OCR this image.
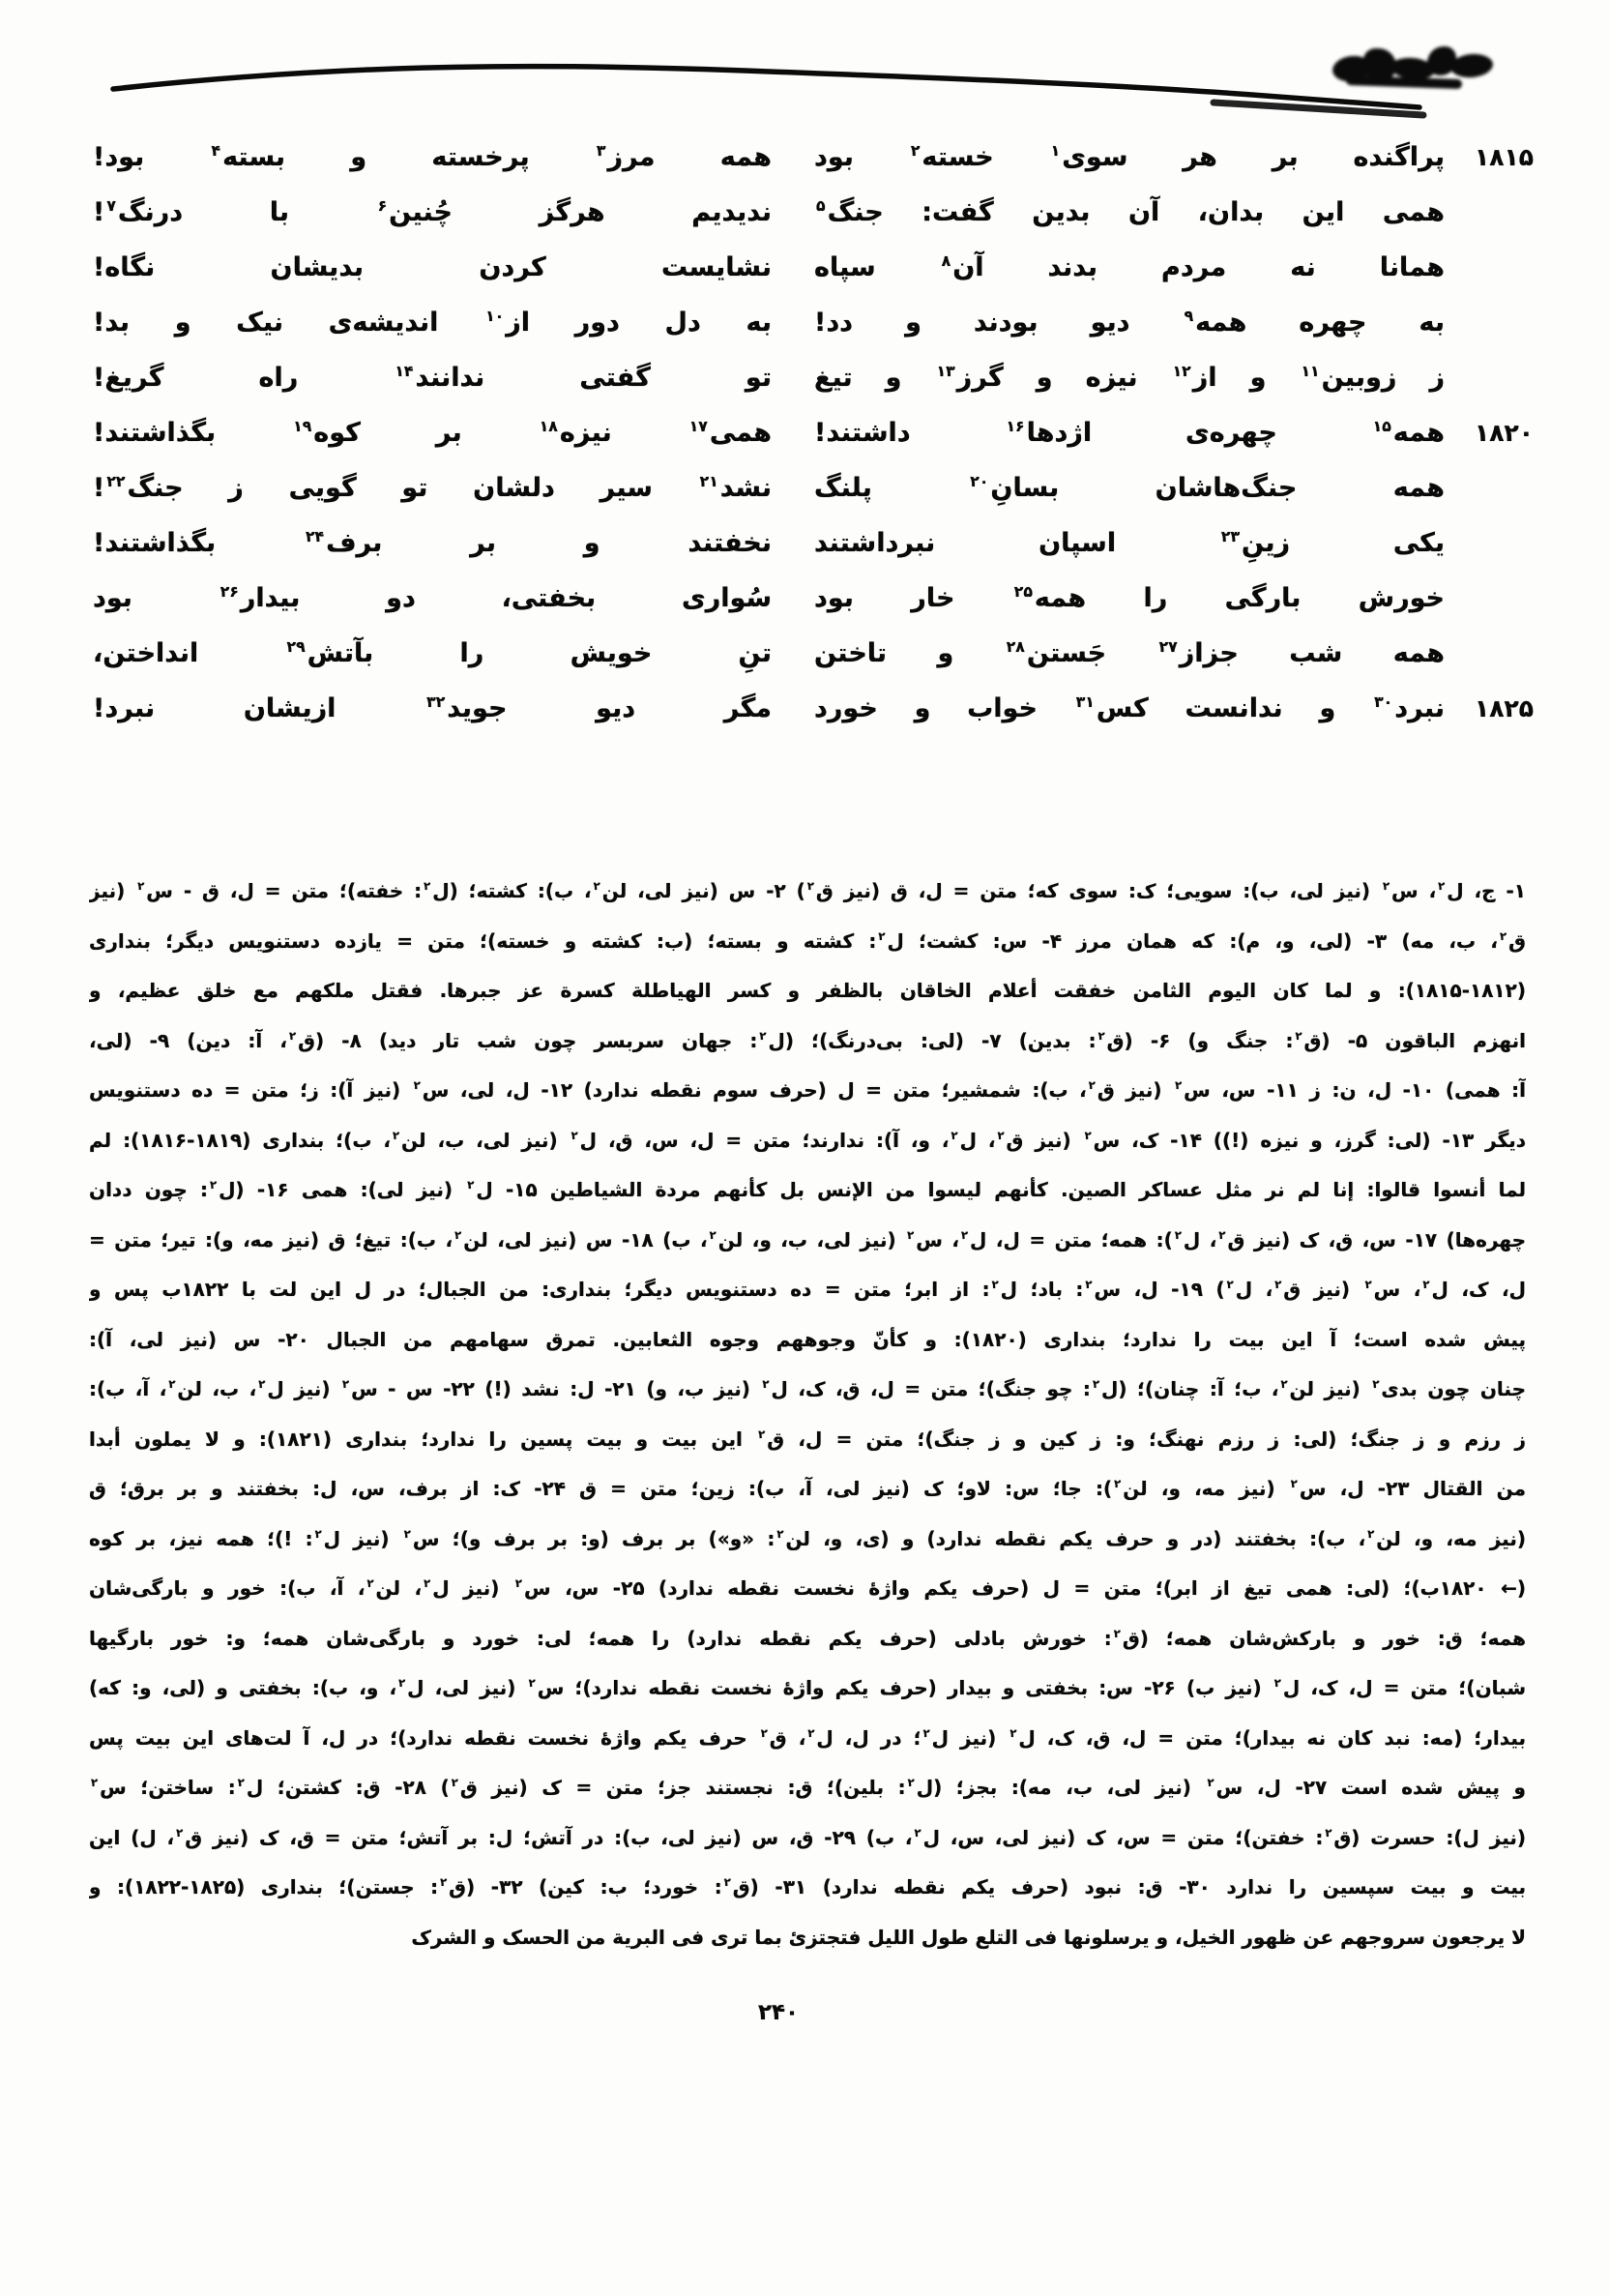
۱۸۱۵
پراگنده بر هر سوی$^۱$ خسته$^۲$ بود
همه مرز$^۳$ پرخسته و بسته$^۴$ بود!
همی این بدان، آن بدین گفت: جنگ$^۵$
ندیدیم هرگز چُنین$^۶$ با درنگ$^۷$!
همانا نه مردم بدند آن$^۸$ سپاه
نشایست کردن بدیشان نگاه!
به چهره همه$^۹$ دیو بودند و دد!
به دل دور از$^{۱۰}$ اندیشه‌ی نیک و بد!
ز زوبین$^{۱۱}$ و از$^{۱۲}$ نیزه و گرز$^{۱۳}$ و تیغ
تو گفتی ندانند$^{۱۴}$ راه گریغ!
۱۸۲۰
همه$^{۱۵}$ چهره‌ی اژدها$^{۱۶}$ داشتند!
همی$^{۱۷}$ نیزه$^{۱۸}$ بر کوه$^{۱۹}$ بگذاشتند!
همه جنگ‌هاشان بسانِ$^{۲۰}$ پلنگ
نشد$^{۲۱}$ سیر دلشان تو گویی ز جنگ$^{۲۲}$!
یکی زینِ$^{۲۳}$ اسپان نبرداشتند
نخفتند و بر برف$^{۲۴}$ بگذاشتند!
خورش بارگی را همه$^{۲۵}$ خار بود
سُواری بخفتی، دو بیدار$^{۲۶}$ بود
همه شب جزاز$^{۲۷}$ جَستن$^{۲۸}$ و تاختن
تنِ خویش را بآتش$^{۲۹}$ انداختن،
۱۸۲۵
نبرد$^{۳۰}$ و ندانست کس$^{۳۱}$ خواب و خورد
مگر دیو جوید$^{۳۲}$ ازیشان نبرد!
۱- ج، ل$^۲$، س$^۲$ (نیز لی، ب): سویی؛ ک: سوی که؛ متن = ل، ق (نیز ق$^۲$) ۲- س (نیز لی، لن$^۲$، ب): کشته؛ (ل$^۲$: خفته)؛ متن = ل، ق - س$^۲$ (نیز
ق$^۲$، ب، مه) ۳- (لی، و، م): که همان مرز ۴- س: کشت؛ ل$^۲$: کشته و بسته؛ (ب: کشته و خسته)؛ متن = یازده دستنویس دیگر؛ بنداری
(۱۸۱۵-۱۸۱۲): و لما کان الیوم الثامن خفقت أعلام الخاقان بالظفر و کسر الهیاطلة کسرة عز جبرها. فقتل ملکهم مع خلق عظیم، و
انهزم الباقون ۵- (ق$^۲$: جنگ و) ۶- (ق$^۲$: بدین) ۷- (لی: بی‌درنگ)؛ (ل$^۲$: جهان سربسر چون شب تار دید) ۸- (ق$^۲$، آ: دین) ۹- (لی،
آ: همی) ۱۰- ل، ن: ز ۱۱- س، س$^۲$ (نیز ق$^۲$، ب): شمشیر؛ متن = ل (حرف سوم نقطه ندارد) ۱۲- ل، لی، س$^۲$ (نیز آ): ز؛ متن = ده دستنویس
دیگر ۱۳- (لی: گرز، و نیزه (!)) ۱۴- ک، س$^۲$ (نیز ق$^۲$، ل$^۲$، و، آ): ندارند؛ متن = ل، س، ق، ل$^۲$ (نیز لی، ب، لن$^۲$، ب)؛ بنداری (۱۸۱۹-۱۸۱۶): لم
لما أنسوا قالوا: إنا لم نر مثل عساکر الصین. کأنهم لیسوا من الإنس بل کأنهم مردة الشیاطین ۱۵- ل$^۲$ (نیز لی): همی ۱۶- (ل$^۲$: چون ددان
چهره‌ها) ۱۷- س، ق، ک (نیز ق$^۲$، ل$^۲$): همه؛ متن = ل، ل$^۲$، س$^۲$ (نیز لی، ب، و، لن$^۲$، ب) ۱۸- س (نیز لی، لن$^۲$، ب): تیغ؛ ق (نیز مه، و): تیر؛ متن =
ل، ک، ل$^۲$، س$^۲$ (نیز ق$^۲$، ل$^۲$) ۱۹- ل، س$^۲$: باد؛ ل$^۲$: از ابر؛ متن = ده دستنویس دیگر؛ بنداری: من الجبال؛ در ل این لت با ۱۸۲۲ب پس و
پیش شده است؛ آ این بیت را ندارد؛ بنداری (۱۸۲۰): و کأنّ وجوههم وجوه الثعابین. تمرق سهامهم من الجبال ۲۰- س (نیز لی، آ):
چنان چون بدی$^۲$ (نیز لن$^۲$، ب؛ آ: چنان)؛ (ل$^۲$: چو جنگ)؛ متن = ل، ق، ک، ل$^۲$ (نیز ب، و) ۲۱- ل: نشد (!) ۲۲- س - س$^۲$ (نیز ل$^۲$، ب، لن$^۲$، آ، ب):
ز رزم و ز جنگ؛ (لی: ز رزم نهنگ؛ و: ز کین و ز جنگ)؛ متن = ل، ق$^۲$ این بیت و بیت پسین را ندارد؛ بنداری (۱۸۲۱): و لا یملون أبدا
من القتال ۲۳- ل، س$^۲$ (نیز مه، و، لن$^۲$): جا؛ س: لاو؛ ک (نیز لی، آ، ب): زین؛ متن = ق ۲۴- ک: از برف، س، ل: بخفتند و بر برق؛ ق
(نیز مه، و، لن$^۲$، ب): بخفتند (در و حرف یکم نقطه ندارد) و (ی، و، لن$^۲$: «و») بر برف (و: بر برف و)؛ س$^۲$ (نیز ل$^۲$: !)؛ همه نیز، بر کوه
(← ۱۸۲۰ب)؛ (لی: همی تیغ از ابر)؛ متن = ل (حرف یکم واژهٔ نخست نقطه ندارد) ۲۵- س، س$^۲$ (نیز ل$^۲$، لن$^۲$، آ، ب): خور و بارگی‌شان
همه؛ ق: خور و بارکش‌شان همه؛ (ق$^۲$: خورش بادلی (حرف یکم نقطه ندارد) را همه؛ لی: خورد و بارگی‌شان همه؛ و: خور بارگیها
شبان)؛ متن = ل، ک، ل$^۲$ (نیز ب) ۲۶- س: بخفتی و بیدار (حرف یکم واژهٔ نخست نقطه ندارد)؛ س$^۲$ (نیز لی، ل$^۲$، و، ب): بخفتی و (لی، و: که)
بیدار؛ (مه: نبد کان نه بیدار)؛ متن = ل، ق، ک، ل$^۲$ (نیز ل$^۲$؛ در ل، ل$^۲$، ق$^۲$ حرف یکم واژهٔ نخست نقطه ندارد)؛ در ل، آ لت‌های این بیت پس
و پیش شده است ۲۷- ل، س$^۲$ (نیز لی، ب، مه): بجز؛ (ل$^۲$: بلین)؛ ق: نجستند جز؛ متن = ک (نیز ق$^۲$) ۲۸- ق: کشتن؛ ل$^۲$: ساختن؛ س$^۲$
(نیز ل): حسرت (ق$^۲$: خفتن)؛ متن = س، ک (نیز لی، س، ل$^۲$، ب) ۲۹- ق، س (نیز لی، ب): در آتش؛ ل: بر آتش؛ متن = ق، ک (نیز ق$^۲$، ل) این
بیت و بیت سپسین را ندارد ۳۰- ق: نبود (حرف یکم نقطه ندارد) ۳۱- (ق$^۲$: خورد؛ ب: کین) ۳۲- (ق$^۲$: جستن)؛ بنداری (۱۸۲۵-۱۸۲۲): و
لا یرجعون سروجهم عن ظهور الخیل، و یرسلونها فی التلع طول اللیل فتجتزئ بما تری فی البریة من الحسک و الشرک
۲۴۰
